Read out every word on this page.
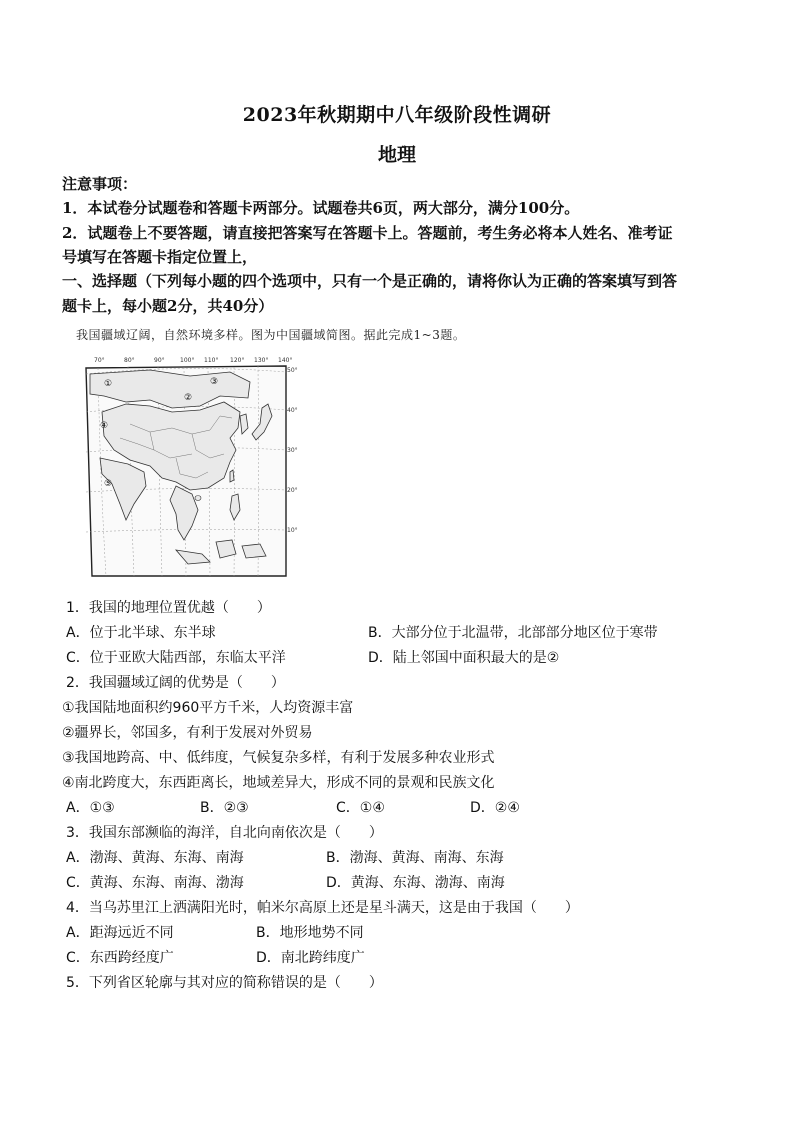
2023年秋期期中八年级阶段性调研
地理
注意事项：
1．本试卷分试题卷和答题卡两部分。试题卷共6页，两大部分，满分100分。
2．试题卷上不要答题，请直接把答案写在答题卡上。答题前，考生务必将本人姓名、准考证
号填写在答题卡指定位置上，
一、选择题（下列每小题的四个选项中，只有一个是正确的，请将你认为正确的答案填写到答
题卡上，每小题2分，共40分）
我国疆域辽阔，自然环境多样。图为中国疆域简图。据此完成1~3题。
70°	80°	90°	100° 110° 120° 130° 140°
50°
40°
30°
20°
10°
①
②
③
④
⑤
1．我国的地理位置优越（　　）
A．位于北半球、东半球	B．大部分位于北温带，北部部分地区位于寒带
C．位于亚欧大陆西部，东临太平洋	D．陆上邻国中面积最大的是②
2．我国疆域辽阔的优势是（　　）
①我国陆地面积约960平方千米，人均资源丰富
②疆界长，邻国多，有利于发展对外贸易
③我国地跨高、中、低纬度，气候复杂多样，有利于发展多种农业形式
④南北跨度大，东西距离长，地域差异大，形成不同的景观和民族文化
A．①③	B．②③	C．①④	D．②④
3．我国东部濒临的海洋，自北向南依次是（　　）
A．渤海、黄海、东海、南海	B．渤海、黄海、南海、东海
C．黄海、东海、南海、渤海	D．黄海、东海、渤海、南海
4．当乌苏里江上洒满阳光时，帕米尔高原上还是星斗满天，这是由于我国（　　）
A．距海远近不同	B．地形地势不同
C．东西跨经度广	D．南北跨纬度广
5．下列省区轮廓与其对应的简称错误的是（　　）
